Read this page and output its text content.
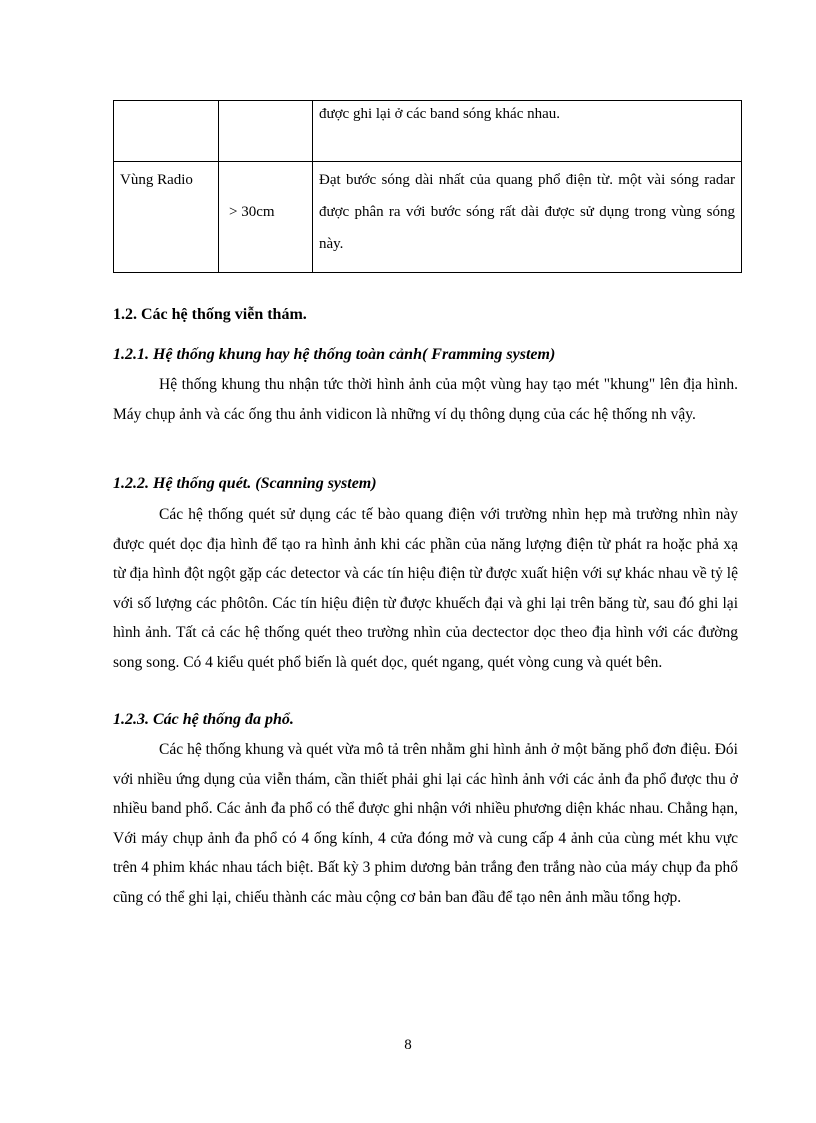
		được ghi lại ở các band sóng khác nhau.

Vùng Radio	> 30cm	Đạt bước sóng dài nhất của quang phổ điện từ. một vài sóng radar được phân ra với bước sóng rất dài được sử dụng trong vùng sóng này.

1.2. Các hệ thống viễn thám.

1.2.1. Hệ thống khung hay hệ thống toàn cảnh( Framming system)

Hệ thống khung thu nhận tức thời hình ảnh của một vùng hay tạo mét "khung" lên địa hình. Máy chụp ảnh và các ống thu ảnh vidicon là những ví dụ thông dụng của các hệ thống nh vậy.

1.2.2. Hệ thống quét. (Scanning system)

Các hệ thống quét sử dụng các tế bào quang điện với trường nhìn hẹp mà trường nhìn này được quét dọc địa hình để tạo ra hình ảnh khi các phần của năng lượng điện từ phát ra hoặc phả xạ từ địa hình đột ngột gặp các detector và các tín hiệu điện từ được xuất hiện với sự khác nhau về tỷ lệ với số lượng các phôtôn. Các tín hiệu điện từ được khuếch đại và ghi lại trên băng từ, sau đó ghi lại hình ảnh. Tất cả các hệ thống quét theo trường nhìn của dectector dọc theo địa hình với các đường song song. Có 4 kiểu quét phổ biến là quét dọc, quét ngang, quét vòng cung và quét bên.

1.2.3. Các hệ thống đa phổ.

Các hệ thống khung và quét vừa mô tả trên nhằm ghi hình ảnh ở một băng phổ đơn điệu. Đói với nhiều ứng dụng của viễn thám, cần thiết phải ghi lại các hình ảnh với các ảnh đa phổ được thu ở nhiều band phổ. Các ảnh đa phổ có thể được ghi nhận với nhiều phương diện khác nhau. Chẳng hạn, Với máy chụp ảnh đa phổ có 4 ống kính, 4 cửa đóng mở và cung cấp 4 ảnh của cùng mét khu vực trên 4 phim khác nhau tách biệt. Bất kỳ 3 phim dương bản trắng đen trắng nào của máy chụp đa phổ cũng có thể ghi lại, chiếu thành các màu cộng cơ bản ban đầu để tạo nên ảnh mầu tổng hợp.

8
